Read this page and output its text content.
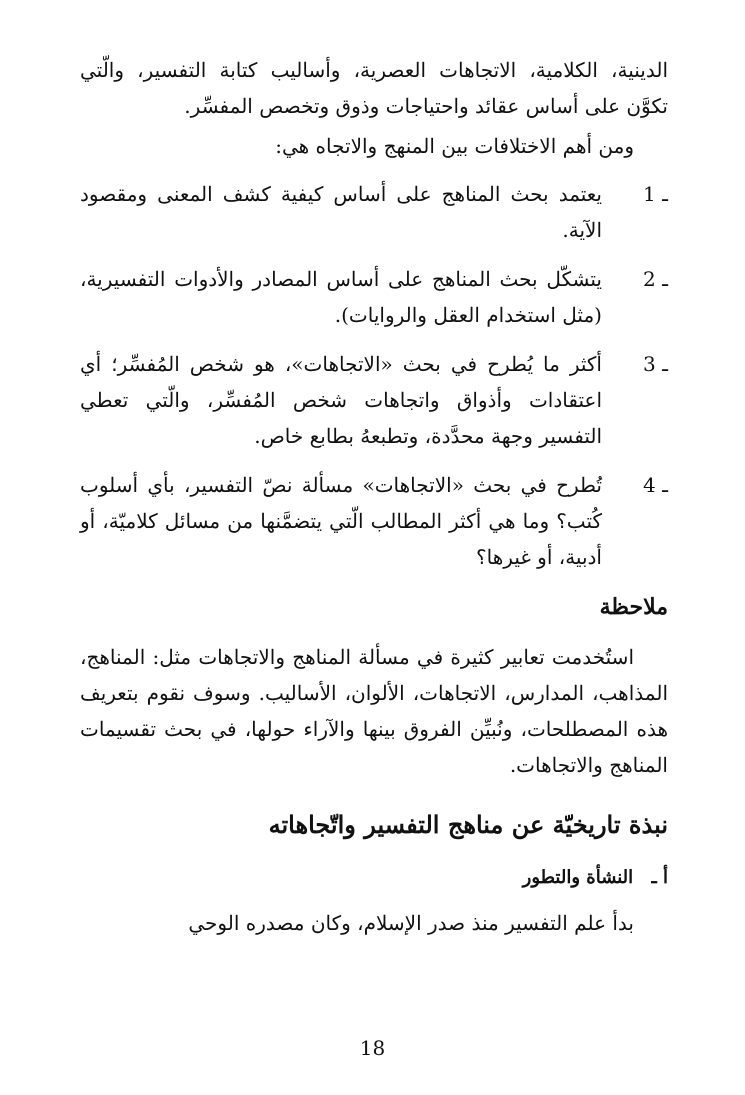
الدينية، الكلامية، الاتجاهات العصرية، وأساليب كتابة التفسير، والّتي تكوَّن على أساس عقائد واحتياجات وذوق وتخصص المفسِّر.

ومن أهم الاختلافات بين المنهج والاتجاه هي:

1 ـ
يعتمد بحث المناهج على أساس كيفية كشف المعنى ومقصود الآية.
2 ـ
يتشكّل بحث المناهج على أساس المصادر والأدوات التفسيرية، (مثل استخدام العقل والروايات).
3 ـ
أكثر ما يُطرح في بحث «الاتجاهات»، هو شخص المُفسِّر؛ أي اعتقادات وأذواق واتجاهات شخص المُفسِّر، والّتي تعطي التفسير وجهة محدَّدة، وتطبعهُ بطابع خاص.
4 ـ
تُطرح في بحث «الاتجاهات» مسألة نصّ التفسير، بأي أسلوب كُتب؟ وما هي أكثر المطالب الّتي يتضمَّنها من مسائل كلاميّة، أو أدبية، أو غيرها؟
ملاحظة

استُخدمت تعابير كثيرة في مسألة المناهج والاتجاهات مثل: المناهج، المذاهب، المدارس، الاتجاهات، الألوان، الأساليب. وسوف نقوم بتعريف هذه المصطلحات، ونُبيِّن الفروق بينها والآراء حولها، في بحث تقسيمات المناهج والاتجاهات.

نبذة تاريخيّة عن مناهج التفسير واتّجاهاته
أ ـ النشأة والتطور

بدأ علم التفسير منذ صدر الإسلام، وكان مصدره الوحي

18
